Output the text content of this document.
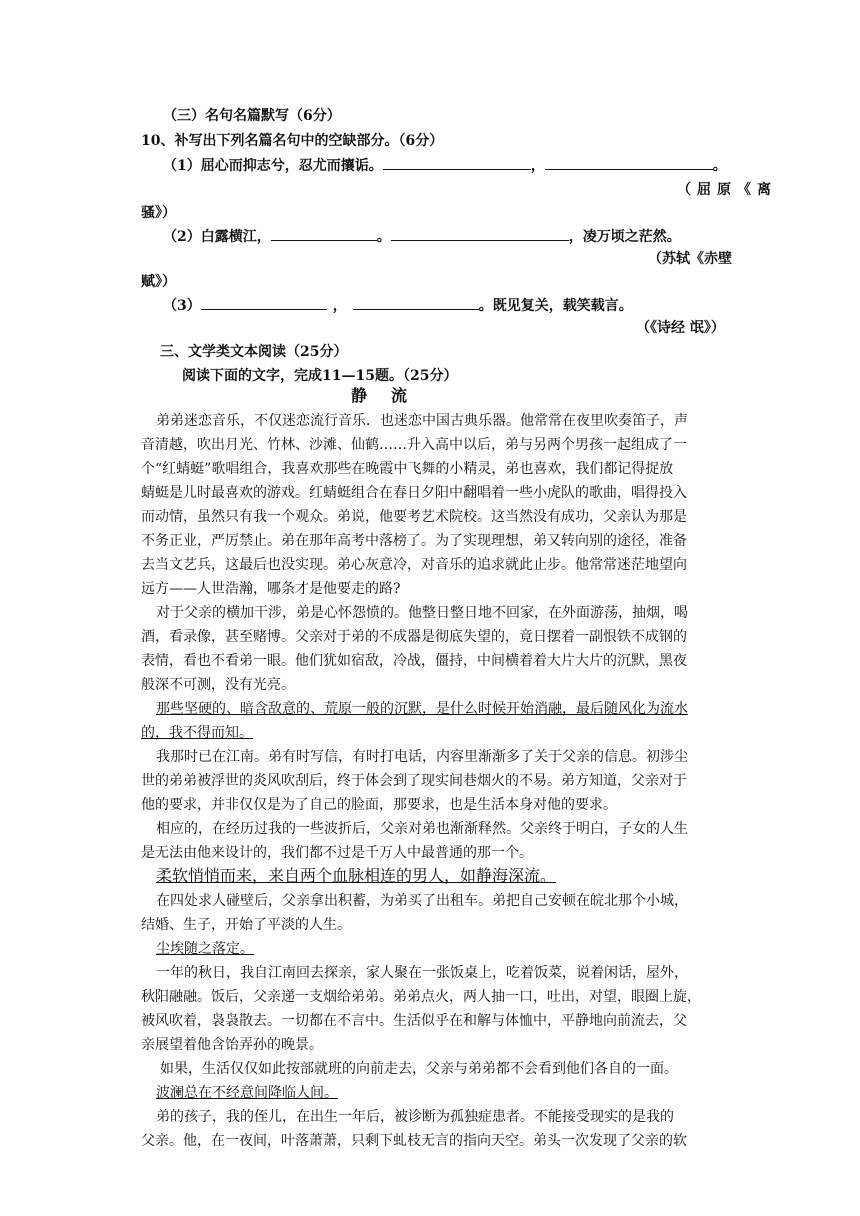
（三）名句名篇默写（6分）
10、补写出下列名篇名句中的空缺部分。（6分）
（1）屈心而抑志兮，忍尤而攘诟。	，	。
（屈原《离
骚》）
（2）白露横江，	。	，凌万顷之茫然。
（苏轼《赤壁
赋》）
（3）	，	。既见复关，载笑载言。
（《诗经 氓》）
三、文学类文本阅读（25分）
阅读下面的文字，完成11—15题。（25分）
静　流
弟弟迷恋音乐，不仅迷恋流行音乐．也迷恋中国古典乐器。他常常在夜里吹奏笛子，声
音清越，吹出月光、竹林、沙滩、仙鹤……升入高中以后，弟与另两个男孩一起组成了一
个“红蜻蜓”歌唱组合，我喜欢那些在晚霞中飞舞的小精灵，弟也喜欢，我们都记得捉放
蜻蜓是儿时最喜欢的游戏。红蜻蜓组合在春日夕阳中翻唱着一些小虎队的歌曲，唱得投入
而动情，虽然只有我一个观众。弟说，他要考艺术院校。这当然没有成功，父亲认为那是
不务正业，严厉禁止。弟在那年高考中落榜了。为了实现理想，弟又转向别的途径，准备
去当文艺兵，这最后也没实现。弟心灰意冷，对音乐的追求就此止步。他常常迷茫地望向
远方——人世浩瀚，哪条才是他要走的路?
对于父亲的横加干涉，弟是心怀怨愤的。他整日整日地不回家，在外面游荡，抽烟，喝
酒，看录像，甚至赌博。父亲对于弟的不成器是彻底失望的，竟日摆着一副恨铁不成钢的
表情，看也不看弟一眼。他们犹如宿敌，冷战，僵持，中间横着着大片大片的沉默，黑夜
般深不可测，没有光亮。
那些坚硬的、暗含敌意的、荒原一般的沉默，是什么时候开始消融，最后随风化为流水
的，我不得而知。
我那时已在江南。弟有时写信，有时打电话，内容里渐渐多了关于父亲的信息。初涉尘
世的弟弟被浮世的炎风吹刮后，终于体会到了现实间巷烟火的不易。弟方知道，父亲对于
他的要求，并非仅仅是为了自己的脸面，那要求，也是生活本身对他的要求。
相应的，在经历过我的一些波折后，父亲对弟也渐渐释然。父亲终于明白，子女的人生
是无法由他来设计的，我们都不过是千万人中最普通的那一个。
柔软悄悄而来，来自两个血脉相连的男人，如静海深流。
在四处求人碰壁后，父亲拿出积蓄，为弟买了出租车。弟把自己安顿在皖北那个小城，
结婚、生子，开始了平淡的人生。
尘埃随之落定。
一年的秋日，我自江南回去探亲，家人聚在一张饭桌上，吃着饭菜，说着闲话，屋外，
秋阳融融。饭后，父亲递一支烟给弟弟。弟弟点火，两人抽一口，吐出，对望，眼圈上旋，
被风吹着，袅袅散去。一切都在不言中。生活似乎在和解与体恤中，平静地向前流去，父
亲展望着他含饴弄孙的晚景。
如果，生活仅仅如此按部就班的向前走去，父亲与弟弟都不会看到他们各自的一面。
波澜总在不经意间降临人间。
弟的孩子，我的侄儿，在出生一年后，被诊断为孤独症患者。不能接受现实的是我的
父亲。他，在一夜间，叶落萧萧，只剩下虬枝无言的指向天空。弟头一次发现了父亲的软
